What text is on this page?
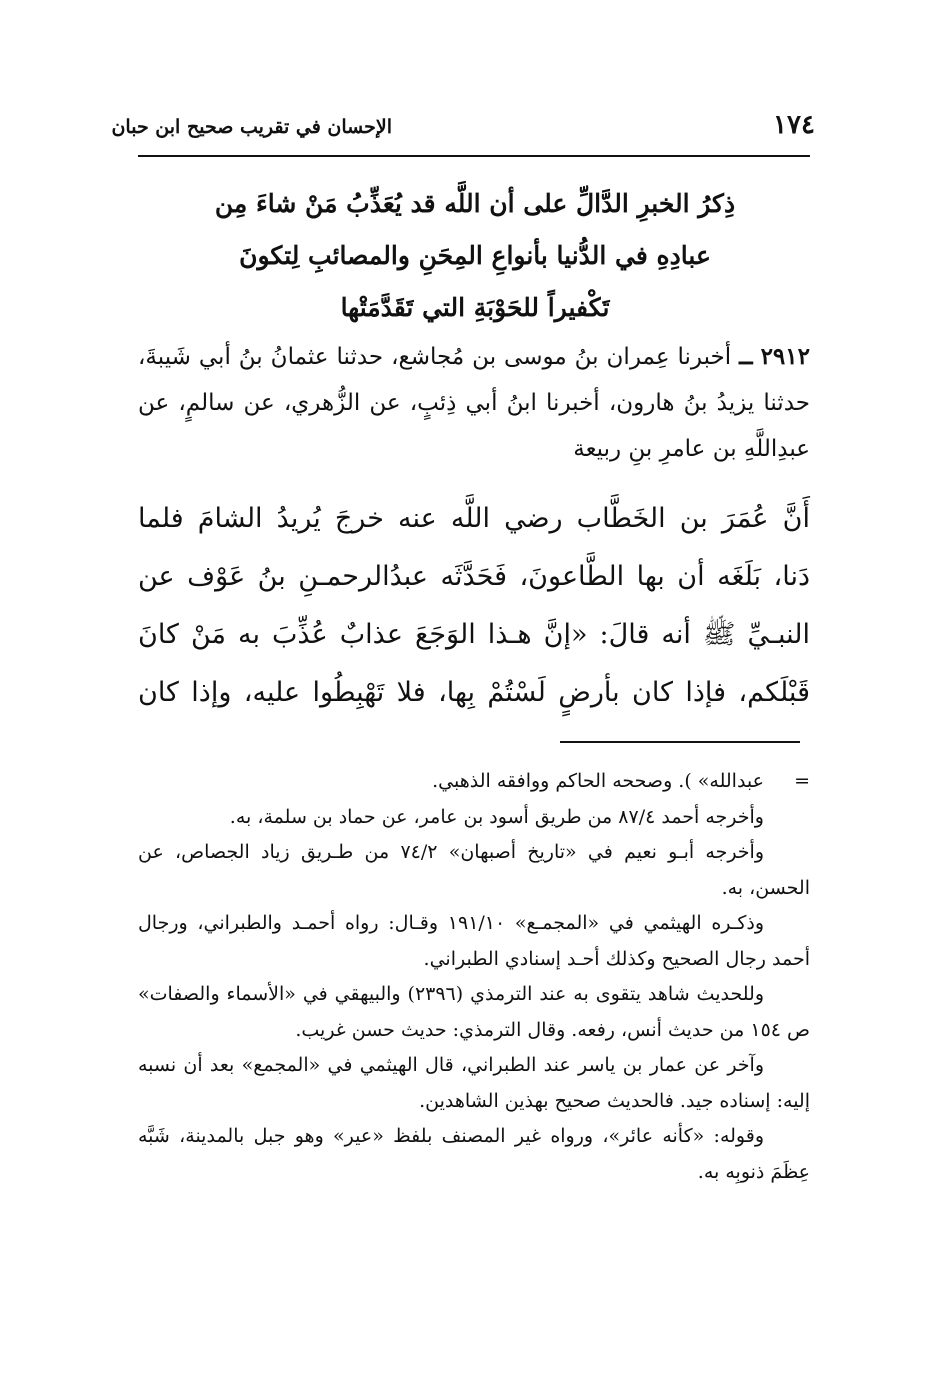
الإحسان في تقريب صحيح ابن حبان	١٧٤
ذِكرُ الخبرِ الدَّالِّ على أن اللَّه قد يُعَذِّبُ مَنْ شاءَ مِن
عبادِهِ في الدُّنيا بأنواعِ المِحَنِ والمصائبِ لِتكونَ
تَكْفيراً للحَوْبَةِ التي تَقَدَّمَتْها
٢٩١٢ ــ أخبرنا عِمران بنُ موسى بن مُجاشع، حدثنا عثمانُ بنُ أبي شَيبةَ، حدثنا يزيدُ بنُ هارون، أخبرنا ابنُ أبي ذِئبٍ، عن الزُّهري، عن سالمٍ، عن عبدِاللَّهِ بن عامرِ بنِ ربيعة
أَنَّ عُمَرَ بن الخَطَّاب رضي اللَّه عنه خرجَ يُريدُ الشامَ فلما
دَنا، بَلَغَه أن بها الطَّاعونَ، فَحَدَّثَه عبدُالرحمـنِ بنُ عَوْف عن
النبـيِّ ﷺ أنه قالَ: «إنَّ هـذا الوَجَعَ عذابٌ عُذِّبَ به مَنْ كانَ
قَبْلَكم، فإذا كان بأرضٍ لَسْتُمْ بِها، فلا تَهْبِطُوا عليه، وإذا كان

=
عبدالله» ). وصححه الحاكم ووافقه الذهبي.

وأخرجه أحمد ٨٧/٤ من طريق أسود بن عامر، عن حماد بن سلمة، به.

وأخرجه أبـو نعيم في «تاريخ أصبهان» ٧٤/٢ من طـريق زياد الجصاص، عن الحسن، به.

وذكـره الهيثمي في «المجمـع» ١٩١/١٠ وقـال: رواه أحمـد والطبراني، ورجال أحمد رجال الصحيح وكذلك أحـد إسنادي الطبراني.

وللحديث شاهد يتقوى به عند الترمذي (٢٣٩٦) والبيهقي في «الأسماء والصفات» ص ١٥٤ من حديث أنس، رفعه. وقال الترمذي: حديث حسن غريب.

وآخر عن عمار بن ياسر عند الطبراني، قال الهيثمي في «المجمع» بعد أن نسبه إليه: إسناده جيد. فالحديث صحيح بهذين الشاهدين.

وقوله: «كأنه عائر»، ورواه غير المصنف بلفظ «عير» وهو جبل بالمدينة، شَبَّه عِظَمَ ذنوبِه به.
